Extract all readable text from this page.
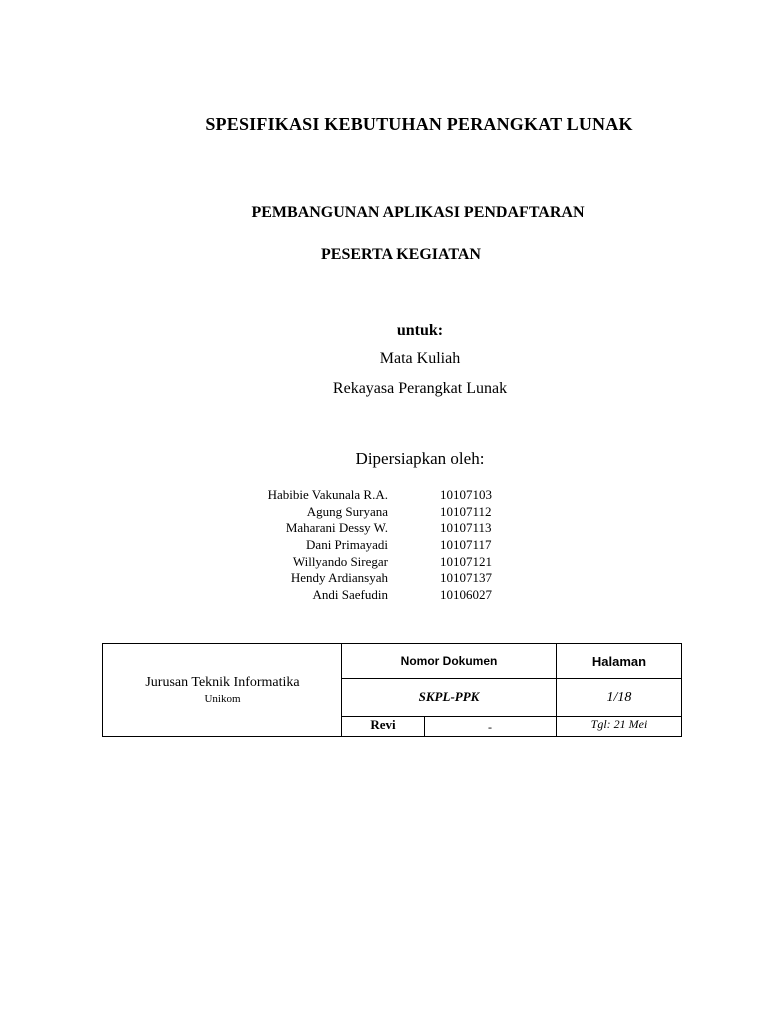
SPESIFIKASI KEBUTUHAN PERANGKAT LUNAK
PEMBANGUNAN APLIKASI PENDAFTARAN
PESERTA KEGIATAN
untuk:
Mata Kuliah
Rekayasa Perangkat Lunak
Dipersiapkan oleh:
Habibie Vakunala R.A.	10107103
Agung Suryana	10107112
Maharani Dessy W.	10107113
Dani Primayadi	10107117
Willyando Siregar	10107121
Hendy Ardiansyah	10107137
Andi Saefudin	10106027
Jurusan Teknik Informatika
Unikom
Nomor Dokumen	Halaman
SKPL-PPK	1/18
Revi	-	Tgl: 21 Mei
